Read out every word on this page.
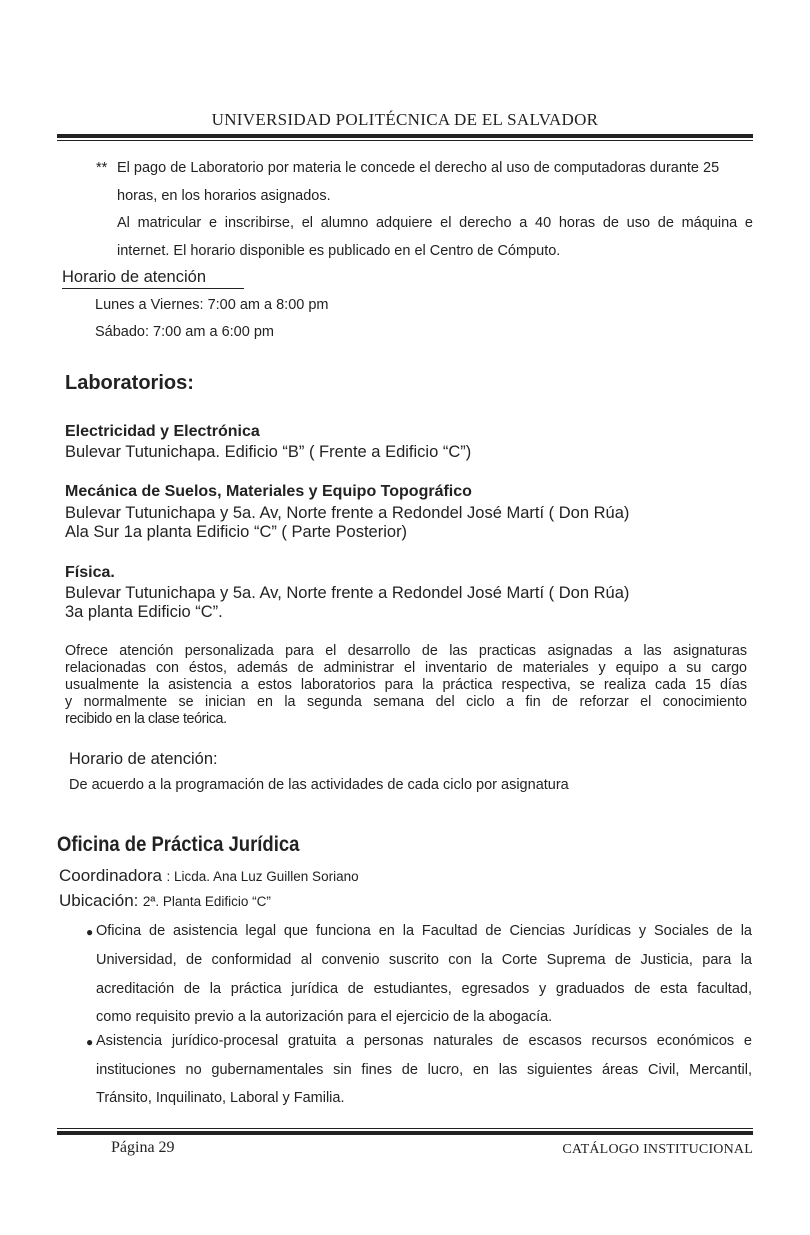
UNIVERSIDAD POLITÉCNICA DE EL SALVADOR
** El pago de Laboratorio por materia le concede el derecho al uso de computadoras durante 25
horas, en los horarios asignados.
Al matricular e inscribirse, el alumno adquiere el derecho a 40 horas de uso de máquina e
internet. El horario disponible es publicado en el Centro de Cómputo.
Horario de atención
Lunes a Viernes: 7:00 am a 8:00 pm
Sábado: 7:00 am a 6:00 pm
Laboratorios:
Electricidad y Electrónica
Bulevar Tutunichapa. Edificio “B” ( Frente a Edificio “C”)
Mecánica de Suelos, Materiales y Equipo Topográfico
Bulevar Tutunichapa y 5a. Av, Norte frente a Redondel José Martí ( Don Rúa)
Ala Sur 1a planta Edificio “C” ( Parte Posterior)
Física.
Bulevar Tutunichapa y 5a. Av, Norte frente a Redondel José Martí ( Don Rúa)
3a planta Edificio “C”.
Ofrece atención personalizada para el desarrollo de las practicas asignadas a las asignaturas
relacionadas con éstos, además de administrar el inventario de materiales y equipo a su cargo
usualmente la asistencia a estos laboratorios para la práctica respectiva, se realiza cada 15 días
y normalmente se inician en la segunda semana del ciclo a fin de reforzar el conocimiento
recibido en la clase teórica.
Horario de atención:
De acuerdo a la programación de las actividades de cada ciclo por asignatura
Oficina de Práctica Jurídica
Coordinadora : Licda. Ana Luz Guillen Soriano
Ubicación: 2ª. Planta Edificio “C”
● Oficina de asistencia legal que funciona en la Facultad de Ciencias Jurídicas y Sociales de la
Universidad, de conformidad al convenio suscrito con la Corte Suprema de Justicia, para la
acreditación de la práctica jurídica de estudiantes, egresados y graduados de esta facultad,
como requisito previo a la autorización para el ejercicio de la abogacía.
● Asistencia jurídico-procesal gratuita a personas naturales de escasos recursos económicos e
instituciones no gubernamentales sin fines de lucro, en las siguientes áreas Civil, Mercantil,
Tránsito, Inquilinato, Laboral y Familia.
Página 29	CATÁLOGO INSTITUCIONAL
